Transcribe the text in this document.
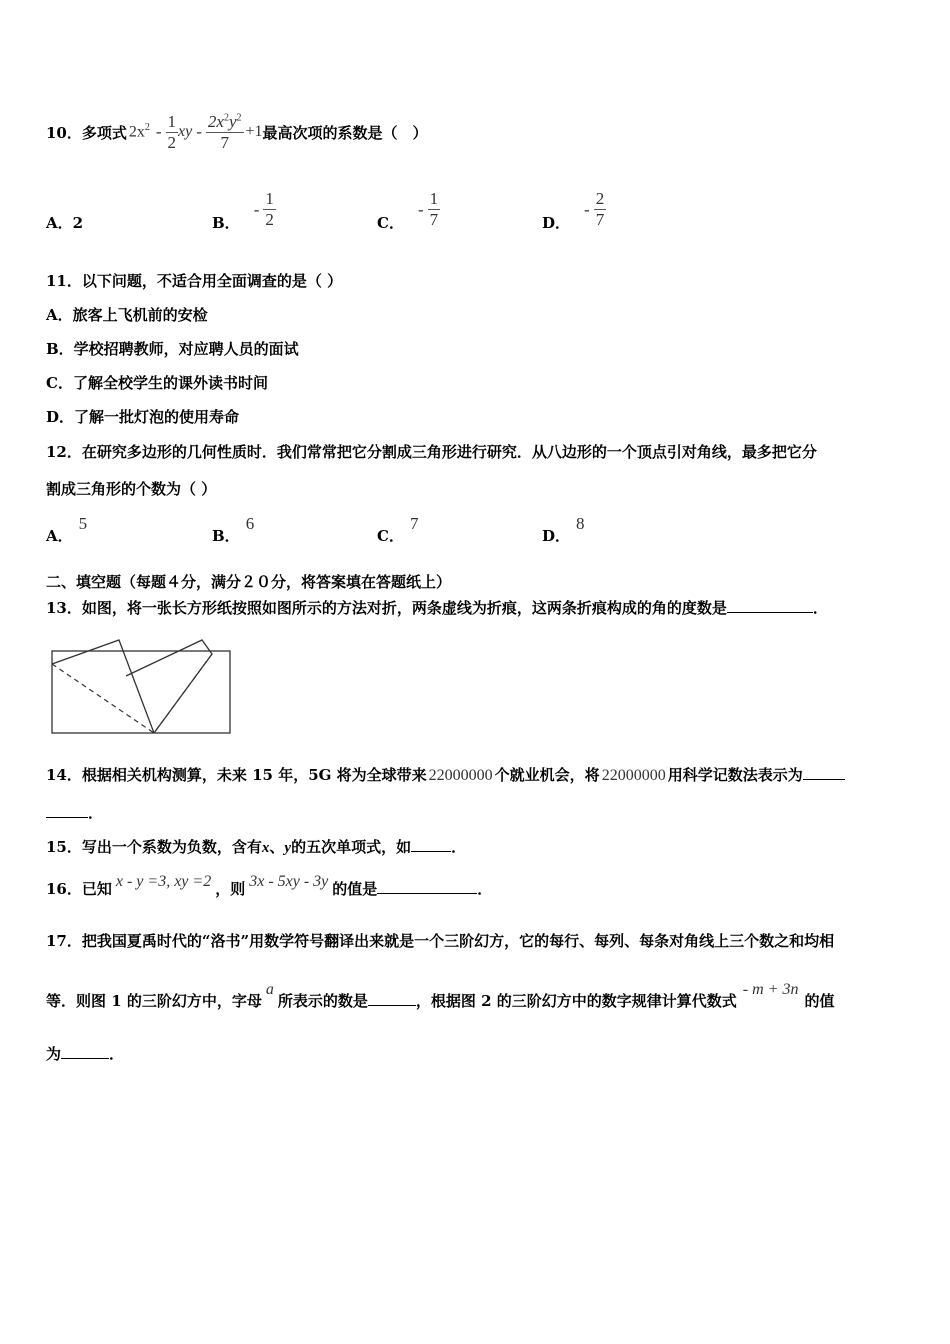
10．多项式 $2x^2 - \frac{1}{2}$ xy - $\frac{2x^2y^2}{7} +1$ 最高次项的系数是（　）
A．2	B．
- $\frac{1}{2}$	C．
- $\frac{1}{7}$	D．
- $\frac{2}{7}$
11．以下问题，不适合用全面调查的是（ ）
A．旅客上飞机前的安检
B．学校招聘教师，对应聘人员的面试
C．了解全校学生的课外读书时间
D．了解一批灯泡的使用寿命
12．在研究多边形的几何性质时．我们常常把它分割成三角形进行研究．从八边形的一个顶点引对角线，最多把它分
割成三角形的个数为（ ）
A．5
B．6
C．7
D．8
二、填空题（每题４分，满分２０分，将答案填在答题纸上）
13．如图，将一张长方形纸按照如图所示的方法对折，两条虚线为折痕，这两条折痕构成的角的度数是	．
14．根据相关机构测算，未来 15 年，5G 将为全球带来 22000000 个就业机会，将 22000000 用科学记数法表示为
．
15．写出一个系数为负数，含有x、y的五次单项式，如	．
16．已知 x - y =3, xy =2 ，则 3x - 5xy - 3y 的值是	．
17．把我国夏禹时代的“洛书”用数学符号翻译出来就是一个三阶幻方，它的每行、每列、每条对角线上三个数之和均相
等．则图 1 的三阶幻方中，字母a所表示的数是	，根据图 2 的三阶幻方中的数字规律计算代数式- m + 3n的值
为	．
